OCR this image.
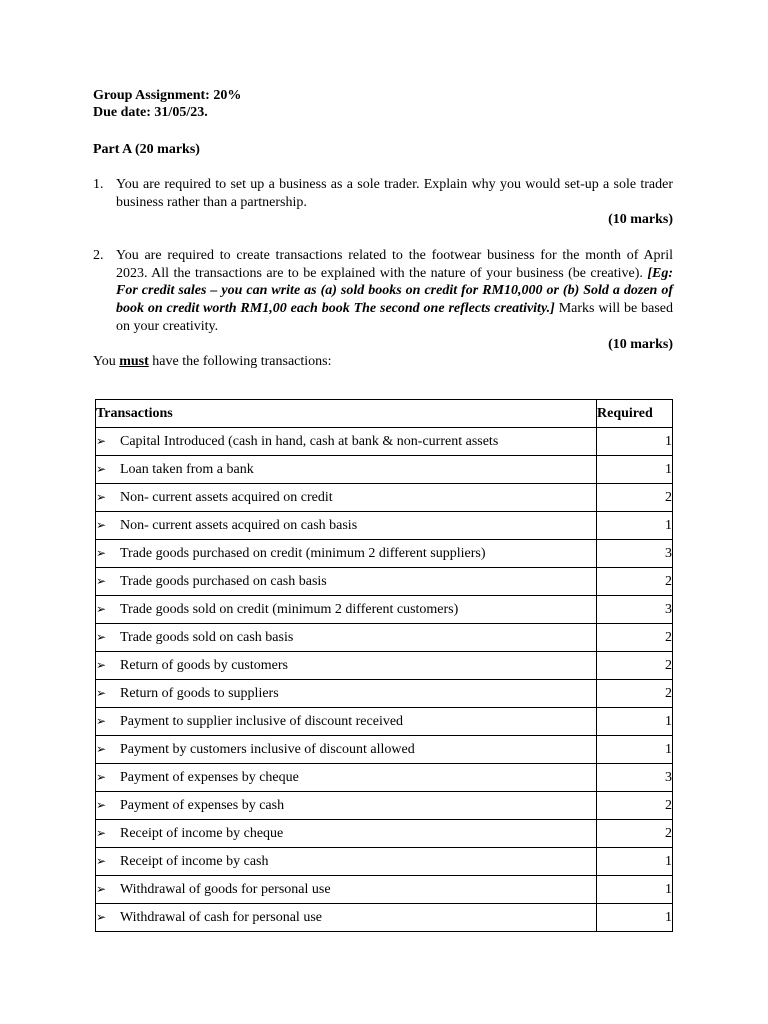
Group Assignment: 20%
Due date: 31/05/23.
Part A (20 marks)
1. You are required to set up a business as a sole trader. Explain why you would set-up a sole trader business rather than a partnership.
(10 marks)
2. You are required to create transactions related to the footwear business for the month of April 2023. All the transactions are to be explained with the nature of your business (be creative). [Eg: For credit sales – you can write as (a) sold books on credit for RM10,000 or (b) Sold a dozen of book on credit worth RM1,00 each book The second one reflects creativity.] Marks will be based on your creativity.
(10 marks)
You must have the following transactions:
Transactions	Required
➢ Capital Introduced (cash in hand, cash at bank & non-current assets	1
➢ Loan taken from a bank	1
➢ Non- current assets acquired on credit	2
➢ Non- current assets acquired on cash basis	1
➢ Trade goods purchased on credit (minimum 2 different suppliers)	3
➢ Trade goods purchased on cash basis	2
➢ Trade goods sold on credit (minimum 2 different customers)	3
➢ Trade goods sold on cash basis	2
➢ Return of goods by customers	2
➢ Return of goods to suppliers	2
➢ Payment to supplier inclusive of discount received	1
➢ Payment by customers inclusive of discount allowed	1
➢ Payment of expenses by cheque	3
➢ Payment of expenses by cash	2
➢ Receipt of income by cheque	2
➢ Receipt of income by cash	1
➢ Withdrawal of goods for personal use	1
➢ Withdrawal of cash for personal use	1
